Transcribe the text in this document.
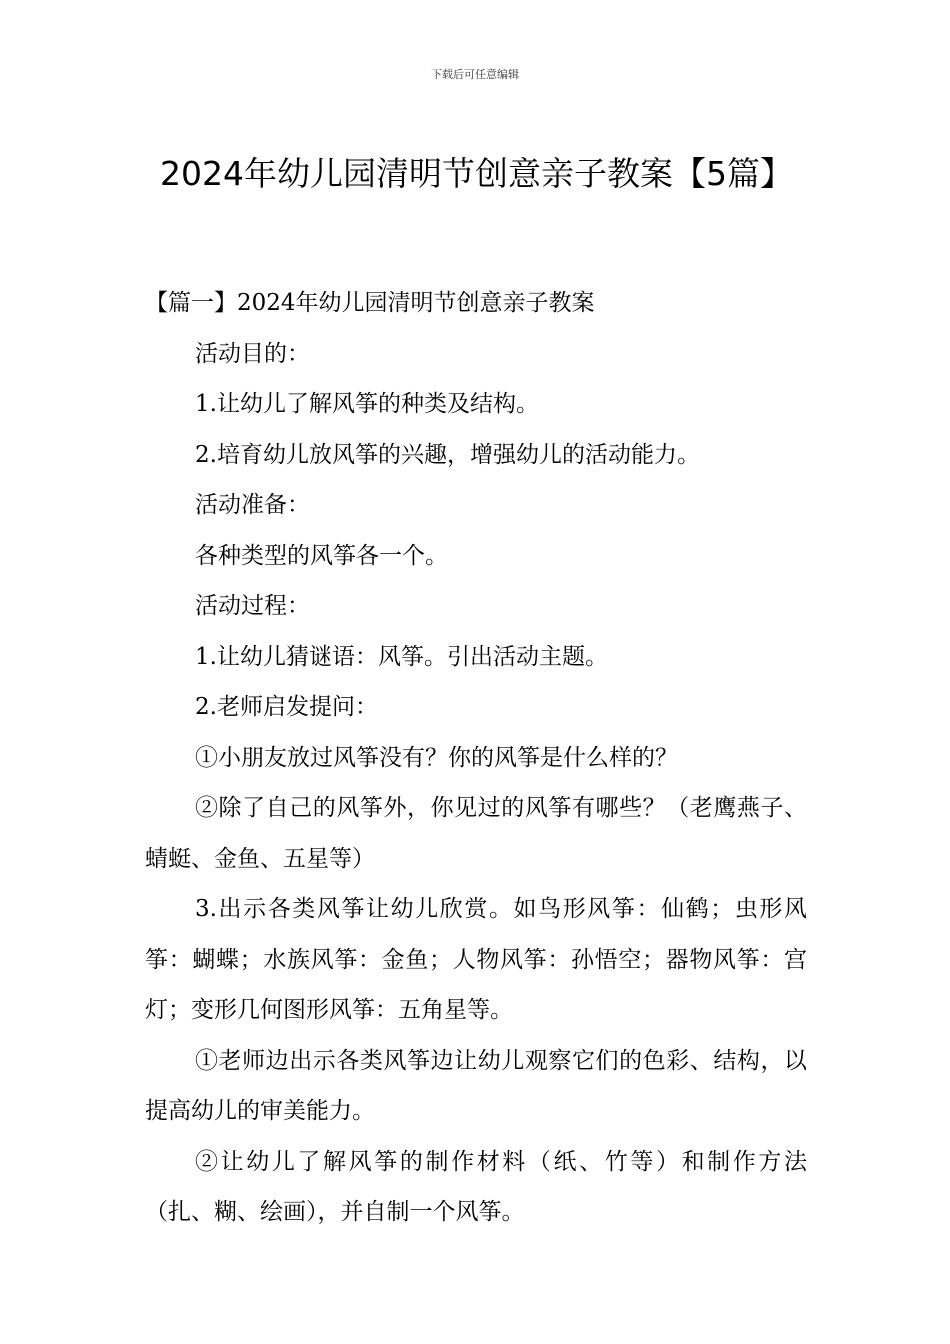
下载后可任意编辑
2024年幼儿园清明节创意亲子教案【5篇】

【篇一】2024年幼儿园清明节创意亲子教案

活动目的：

1.让幼儿了解风筝的种类及结构。

2.培育幼儿放风筝的兴趣，增强幼儿的活动能力。

活动准备：

各种类型的风筝各一个。

活动过程：

1.让幼儿猜谜语：风筝。引出活动主题。

2.老师启发提问：

①小朋友放过风筝没有？你的风筝是什么样的？

②除了自己的风筝外，你见过的风筝有哪些？（老鹰燕子、蜻蜓、金鱼、五星等）

3.出示各类风筝让幼儿欣赏。如鸟形风筝：仙鹤；虫形风筝：蝴蝶；水族风筝：金鱼；人物风筝：孙悟空；器物风筝：宫灯；变形几何图形风筝：五角星等。

①老师边出示各类风筝边让幼儿观察它们的色彩、结构，以提高幼儿的审美能力。

②让幼儿了解风筝的制作材料（纸、竹等）和制作方法（扎、糊、绘画），并自制一个风筝。
